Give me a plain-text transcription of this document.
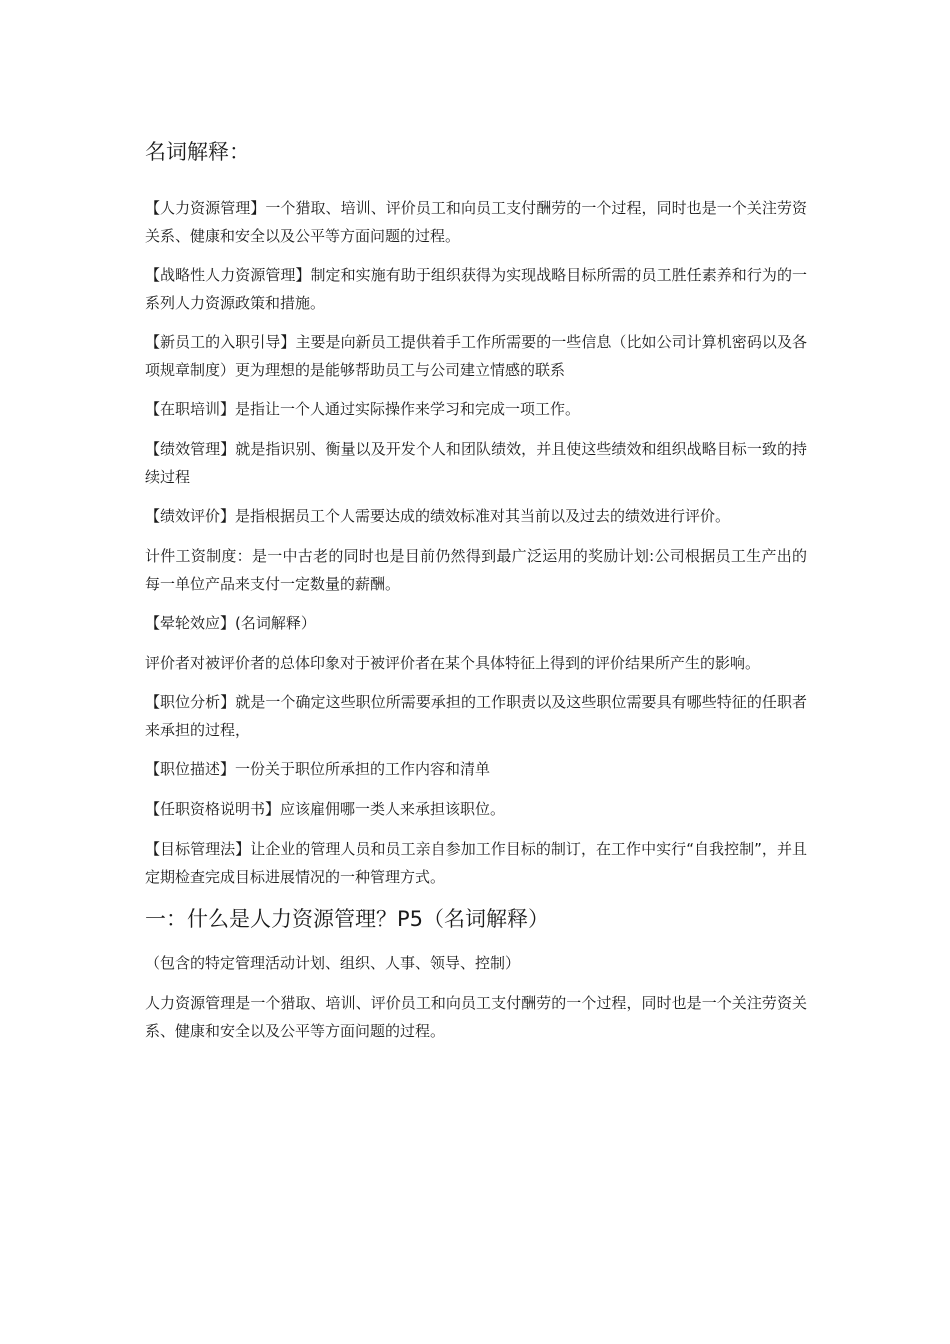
名词解释：

【人力资源管理】一个猎取、培训、评价员工和向员工支付酬劳的一个过程，同时也是一个关注劳资关系、健康和安全以及公平等方面问题的过程。

【战略性人力资源管理】制定和实施有助于组织获得为实现战略目标所需的员工胜任素养和行为的一系列人力资源政策和措施。

【新员工的入职引导】主要是向新员工提供着手工作所需要的一些信息（比如公司计算机密码以及各项规章制度）更为理想的是能够帮助员工与公司建立情感的联系

【在职培训】是指让一个人通过实际操作来学习和完成一项工作。

【绩效管理】就是指识别、衡量以及开发个人和团队绩效，并且使这些绩效和组织战略目标一致的持续过程

【绩效评价】是指根据员工个人需要达成的绩效标准对其当前以及过去的绩效进行评价。

计件工资制度：是一中古老的同时也是目前仍然得到最广泛运用的奖励计划:公司根据员工生产出的每一单位产品来支付一定数量的薪酬。

【晕轮效应】(名词解释）

评价者对被评价者的总体印象对于被评价者在某个具体特征上得到的评价结果所产生的影响。

【职位分析】就是一个确定这些职位所需要承担的工作职责以及这些职位需要具有哪些特征的任职者来承担的过程，

【职位描述】一份关于职位所承担的工作内容和清单

【任职资格说明书】应该雇佣哪一类人来承担该职位。

【目标管理法】让企业的管理人员和员工亲自参加工作目标的制订，在工作中实行“自我控制”，并且定期检查完成目标进展情况的一种管理方式。

一：什么是人力资源管理？P5（名词解释）

（包含的特定管理活动计划、组织、人事、领导、控制）

人力资源管理是一个猎取、培训、评价员工和向员工支付酬劳的一个过程，同时也是一个关注劳资关系、健康和安全以及公平等方面问题的过程。
